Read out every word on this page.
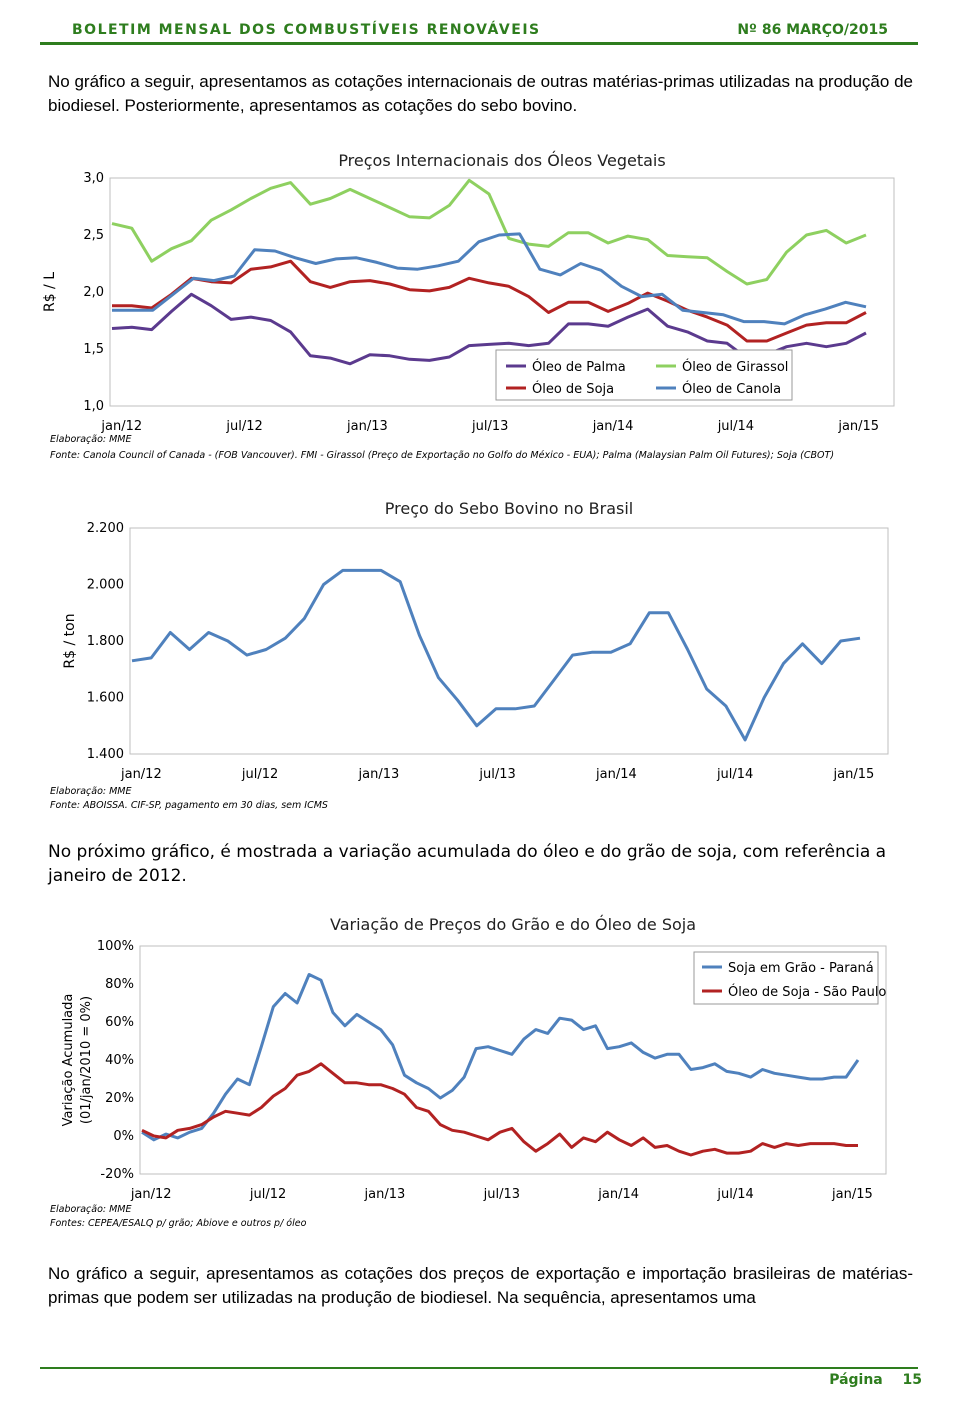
BOLETIM MENSAL DOS COMBUSTÍVEIS RENOVÁVEIS	Nº 86 MARÇO/2015
No gráfico a seguir, apresentamos as cotações internacionais de outras matérias-primas utilizadas na produção de biodiesel. Posteriormente, apresentamos as cotações do sebo bovino.
Preços Internacionais dos Óleos Vegetais
3,0
2,5
2,0
1,5
1,0
R$ / L
jan/12	jul/12	jan/13	jul/13	jan/14	jul/14	jan/15
Óleo de Palma	Óleo de Girassol
Óleo de Soja	Óleo de Canola
Elaboração: MME
Fonte: Canola Council of Canada - (FOB Vancouver). FMI - Girassol (Preço de Exportação no Golfo do México - EUA); Palma (Malaysian Palm Oil Futures); Soja (CBOT)
Preço do Sebo Bovino no Brasil
2.200
2.000
1.800
1.600
1.400
R$ / ton
jan/12	jul/12	jan/13	jul/13	jan/14	jul/14	jan/15
Elaboração: MME
Fonte: ABOISSA. CIF-SP, pagamento em 30 dias, sem ICMS
No próximo gráfico, é mostrada a variação acumulada do óleo e do grão de soja, com referência a janeiro de 2012.
Variação de Preços do Grão e do Óleo de Soja
100%
80%
60%
40%
20%
0%
-20%
Variação Acumulada (01/jan/2010 = 0%)
jan/12	jul/12	jan/13	jul/13	jan/14	jul/14	jan/15
Soja em Grão - Paraná
Óleo de Soja - São Paulo
Elaboração: MME
Fontes: CEPEA/ESALQ p/ grão; Abiove e outros p/ óleo
No gráfico a seguir, apresentamos as cotações dos preços de exportação e importação brasileiras de matérias-primas que podem ser utilizadas na produção de biodiesel. Na sequência, apresentamos uma
Página 15
